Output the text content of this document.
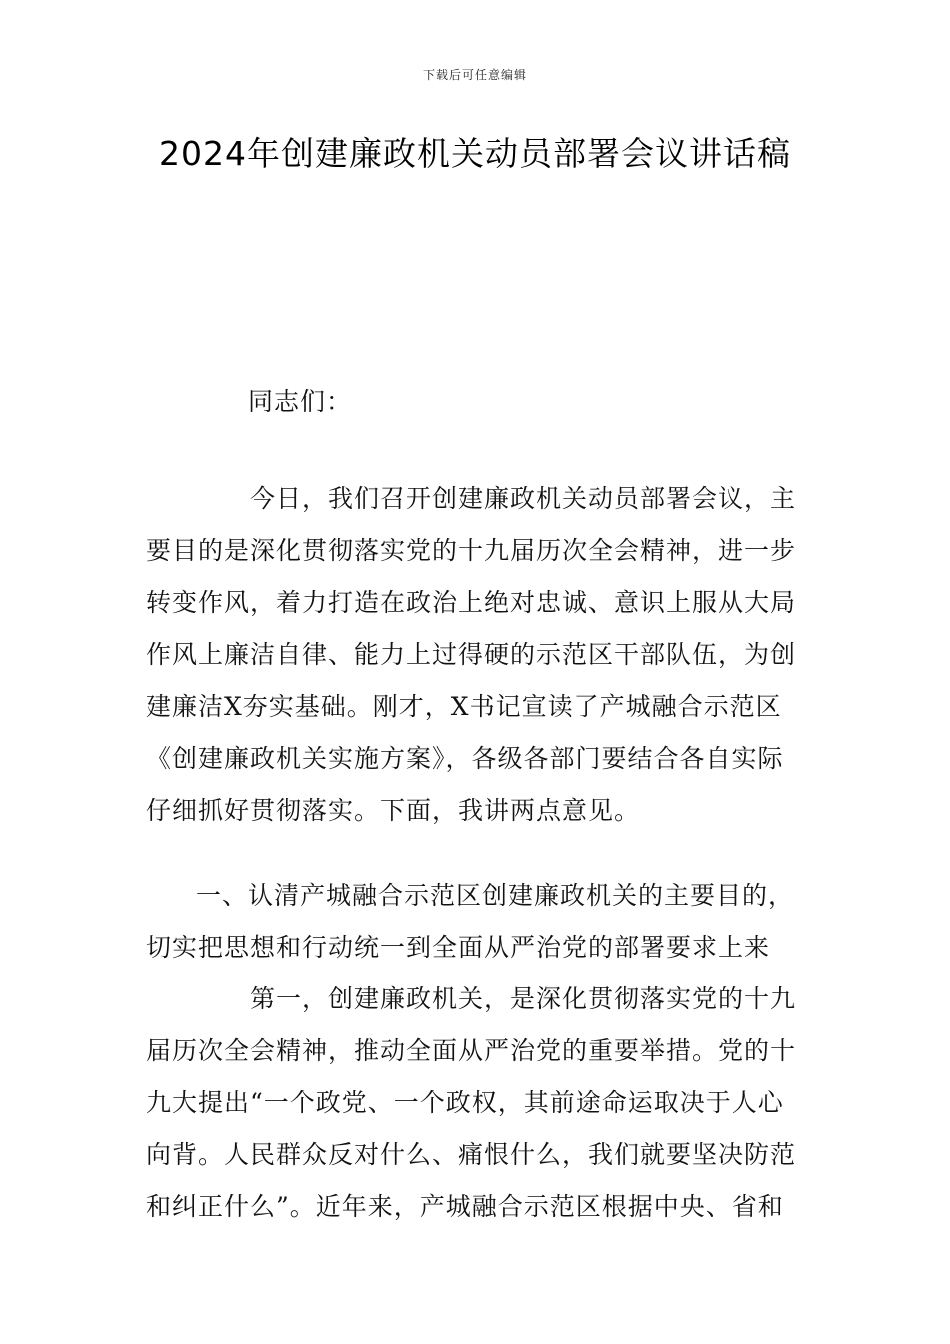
下载后可任意编辑
2024年创建廉政机关动员部署会议讲话稿
同志们：
今日，我们召开创建廉政机关动员部署会议，主要目的是深化贯彻落实党的十九届历次全会精神，进一步转变作风，着力打造在政治上绝对忠诚、意识上服从大局作风上廉洁自律、能力上过得硬的示范区干部队伍，为创建廉洁X夯实基础。刚才，X书记宣读了产城融合示范区《创建廉政机关实施方案》，各级各部门要结合各自实际仔细抓好贯彻落实。下面，我讲两点意见。
一、认清产城融合示范区创建廉政机关的主要目的，切实把思想和行动统一到全面从严治党的部署要求上来
第一，创建廉政机关，是深化贯彻落实党的十九届历次全会精神，推动全面从严治党的重要举措。党的十九大提出“一个政党、一个政权，其前途命运取决于人心向背。人民群众反对什么、痛恨什么，我们就要坚决防范和纠正什么”。近年来，产城融合示范区根据中央、省和
